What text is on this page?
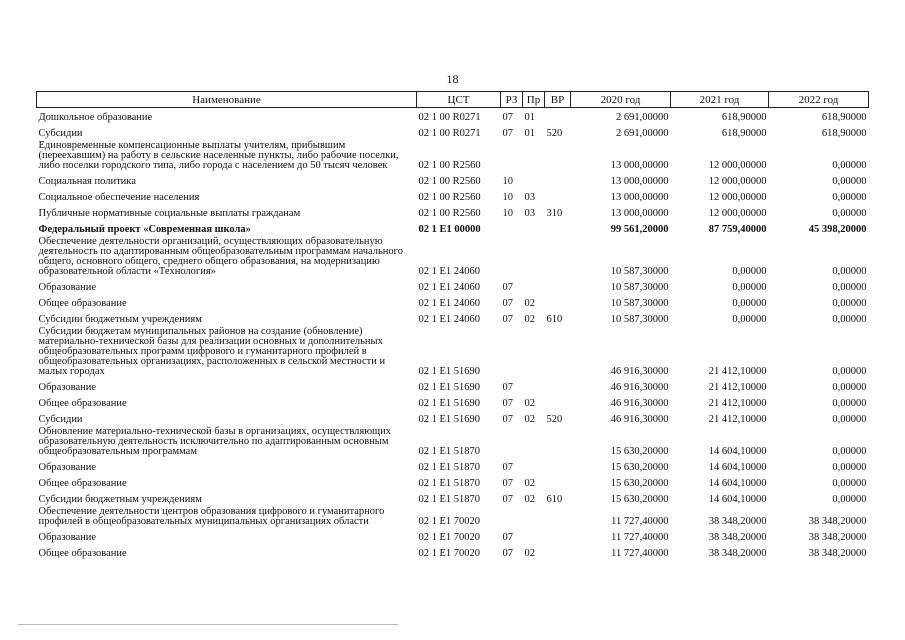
18
Наименование	ЦСТ	РЗ	Пр	ВР	2020 год	2021 год	2022 год
Дошкольное образование	02 1 00 R0271	07	01		2 691,00000	618,90000	618,90000
Субсидии	02 1 00 R0271	07	01	520	2 691,00000	618,90000	618,90000
Единовременные компенсационные выплаты учителям, прибывшим (переехавшим) на работу в сельские населенные пункты, либо рабочие поселки, либо поселки городского типа, либо города с населением до 50 тысяч человек	02 1 00 R2560				13 000,00000	12 000,00000	0,00000
Социальная политика	02 1 00 R2560	10			13 000,00000	12 000,00000	0,00000
Социальное обеспечение населения	02 1 00 R2560	10	03		13 000,00000	12 000,00000	0,00000
Публичные нормативные социальные выплаты гражданам	02 1 00 R2560	10	03	310	13 000,00000	12 000,00000	0,00000
Федеральный проект «Современная школа»	02 1 E1 00000				99 561,20000	87 759,40000	45 398,20000
Обеспечение деятельности организаций, осуществляющих образовательную деятельность по адаптированным общеобразовательным программам начального общего, основного общего, среднего общего образования, на модернизацию образовательной области «Технология»	02 1 E1 24060				10 587,30000	0,00000	0,00000
Образование	02 1 E1 24060	07			10 587,30000	0,00000	0,00000
Общее образование	02 1 E1 24060	07	02		10 587,30000	0,00000	0,00000
Субсидии бюджетным учреждениям	02 1 E1 24060	07	02	610	10 587,30000	0,00000	0,00000
Субсидии бюджетам муниципальных районов на создание (обновление) материально-технической базы для реализации основных и дополнительных общеобразовательных программ цифрового и гуманитарного профилей в общеобразовательных организациях, расположенных в сельской местности и малых городах	02 1 E1 51690				46 916,30000	21 412,10000	0,00000
Образование	02 1 E1 51690	07			46 916,30000	21 412,10000	0,00000
Общее образование	02 1 E1 51690	07	02		46 916,30000	21 412,10000	0,00000
Субсидии	02 1 E1 51690	07	02	520	46 916,30000	21 412,10000	0,00000
Обновление материально-технической базы в организациях, осуществляющих образовательную деятельность исключительно по адаптированным основным общеобразовательным программам	02 1 E1 51870				15 630,20000	14 604,10000	0,00000
Образование	02 1 E1 51870	07			15 630,20000	14 604,10000	0,00000
Общее образование	02 1 E1 51870	07	02		15 630,20000	14 604,10000	0,00000
Субсидии бюджетным учреждениям	02 1 E1 51870	07	02	610	15 630,20000	14 604,10000	0,00000
Обеспечение деятельности центров образования цифрового и гуманитарного профилей в общеобразовательных муниципальных организациях области	02 1 E1 70020				11 727,40000	38 348,20000	38 348,20000
Образование	02 1 E1 70020	07			11 727,40000	38 348,20000	38 348,20000
Общее образование	02 1 E1 70020	07	02		11 727,40000	38 348,20000	38 348,20000
